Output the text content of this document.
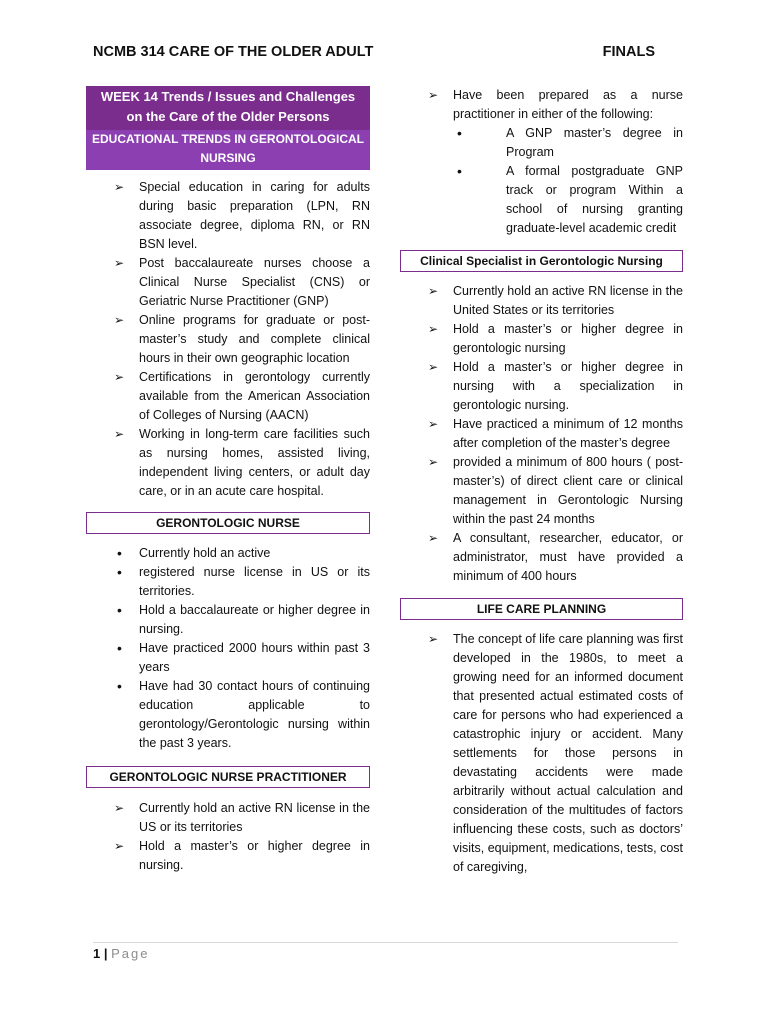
NCMB 314 CARE OF THE OLDER ADULT	FINALS
WEEK 14 Trends / Issues and Challenges
on the Care of the Older Persons
EDUCATIONAL TRENDS IN GERONTOLOGICAL
NURSING
➢ Special education in caring for adults during basic preparation (LPN, RN associate degree, diploma RN, or RN BSN level.
➢ Post baccalaureate nurses choose a Clinical Nurse Specialist (CNS) or Geriatric Nurse Practitioner (GNP)
➢ Online programs for graduate or post-master’s study and complete clinical hours in their own geographic location
➢ Certifications in gerontology currently available from the American Association of Colleges of Nursing (AACN)
➢ Working in long-term care facilities such as nursing homes, assisted living, independent living centers, or adult day care, or in an acute care hospital.
GERONTOLOGIC NURSE
• Currently hold an active
• registered nurse license in US or its territories.
• Hold a baccalaureate or higher degree in nursing.
• Have practiced 2000 hours within past 3 years
• Have had 30 contact hours of continuing education applicable to gerontology/Gerontologic nursing within the past 3 years.
GERONTOLOGIC NURSE PRACTITIONER
➢ Currently hold an active RN license in the US or its territories
➢ Hold a master’s or higher degree in nursing.
➢ Have been prepared as a nurse practitioner in either of the following:
•	A GNP master’s degree in Program
•	A formal postgraduate GNP track or program Within a school of nursing granting graduate-level academic credit
Clinical Specialist in Gerontologic Nursing
➢ Currently hold an active RN license in the United States or its territories
➢ Hold a master’s or higher degree in gerontologic nursing
➢ Hold a master’s or higher degree in nursing with a specialization in gerontologic nursing.
➢ Have practiced a minimum of 12 months after completion of the master’s degree
➢ provided a minimum of 800 hours ( post-master’s) of direct client care or clinical management in Gerontologic Nursing within the past 24 months
➢ A consultant, researcher, educator, or administrator, must have provided a minimum of 400 hours
LIFE CARE PLANNING
➢ The concept of life care planning was first developed in the 1980s, to meet a growing need for an informed document that presented actual estimated costs of care for persons who had experienced a catastrophic injury or accident. Many settlements for those persons in devastating accidents were made arbitrarily without actual calculation and consideration of the multitudes of factors influencing these costs, such as doctors’ visits, equipment, medications, tests, cost of caregiving,
1 | Page
